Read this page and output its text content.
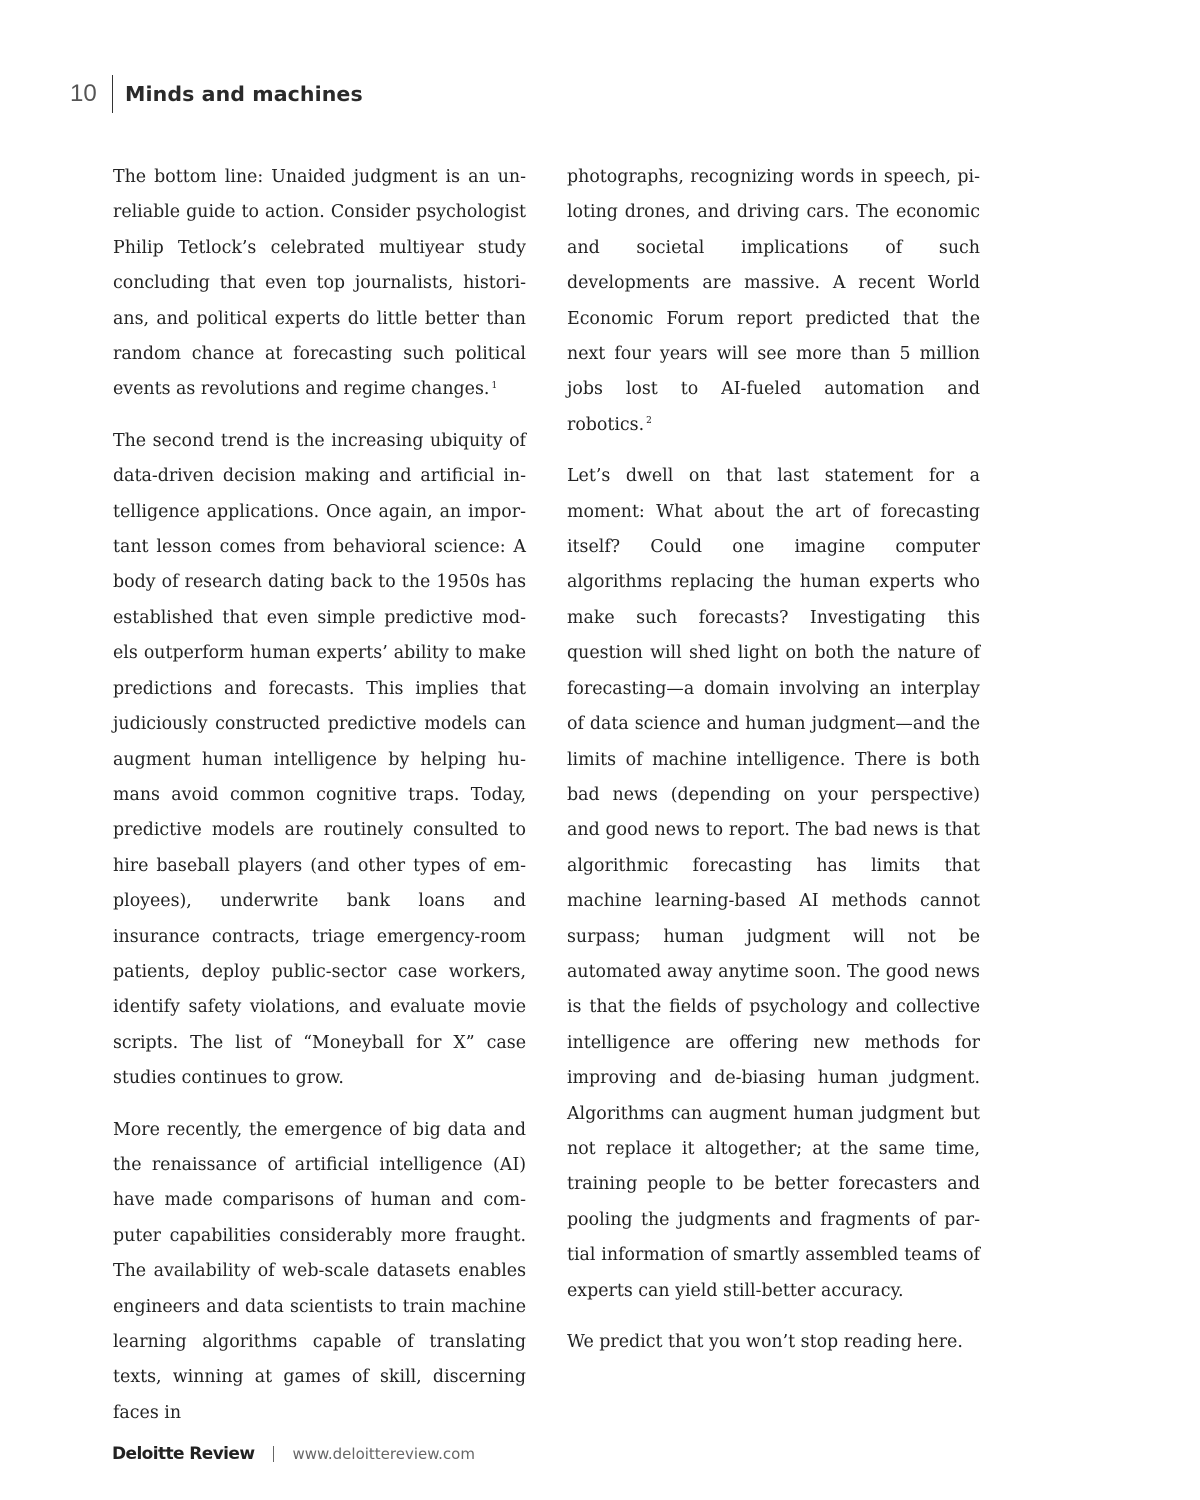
10 Minds and machines

The bottom line: Unaided judgment is an unreliable guide to action. Consider psychologist Philip Tetlock’s celebrated multiyear study concluding that even top journalists, historians, and political experts do little better than random chance at forecasting such political events as revolutions and regime changes. $^1$

The second trend is the increasing ubiquity of data-driven decision making and artificial intelligence applications. Once again, an important lesson comes from behavioral science: A body of research dating back to the 1950s has established that even simple predictive models outperform human experts’ ability to make predictions and forecasts. This implies that judiciously constructed predictive models can augment human intelligence by helping humans avoid common cognitive traps. Today, predictive models are routinely consulted to hire baseball players (and other types of employees), underwrite bank loans and insurance contracts, triage emergency-room patients, deploy public-sector case workers, identify safety violations, and evaluate movie scripts. The list of “Moneyball for X” case studies continues to grow.

More recently, the emergence of big data and the renaissance of artificial intelligence (AI) have made comparisons of human and computer capabilities considerably more fraught. The availability of web-scale datasets enables engineers and data scientists to train machine learning algorithms capable of translating texts, winning at games of skill, discerning faces in

photographs, recognizing words in speech, piloting drones, and driving cars. The economic and societal implications of such developments are massive. A recent World Economic Forum report predicted that the next four years will see more than 5 million jobs lost to AI-fueled automation and robotics. $^2$

Let’s dwell on that last statement for a moment: What about the art of forecasting itself? Could one imagine computer algorithms replacing the human experts who make such forecasts? Investigating this question will shed light on both the nature of forecasting—a domain involving an interplay of data science and human judgment—and the limits of machine intelligence. There is both bad news (depending on your perspective) and good news to report. The bad news is that algorithmic forecasting has limits that machine learning-based AI methods cannot surpass; human judgment will not be automated away anytime soon. The good news is that the fields of psychology and collective intelligence are offering new methods for improving and de-biasing human judgment. Algorithms can augment human judgment but not replace it altogether; at the same time, training people to be better forecasters and pooling the judgments and fragments of partial information of smartly assembled teams of experts can yield still-better accuracy.

We predict that you won’t stop reading here.

Deloitte Review	www.deloittereview.com
